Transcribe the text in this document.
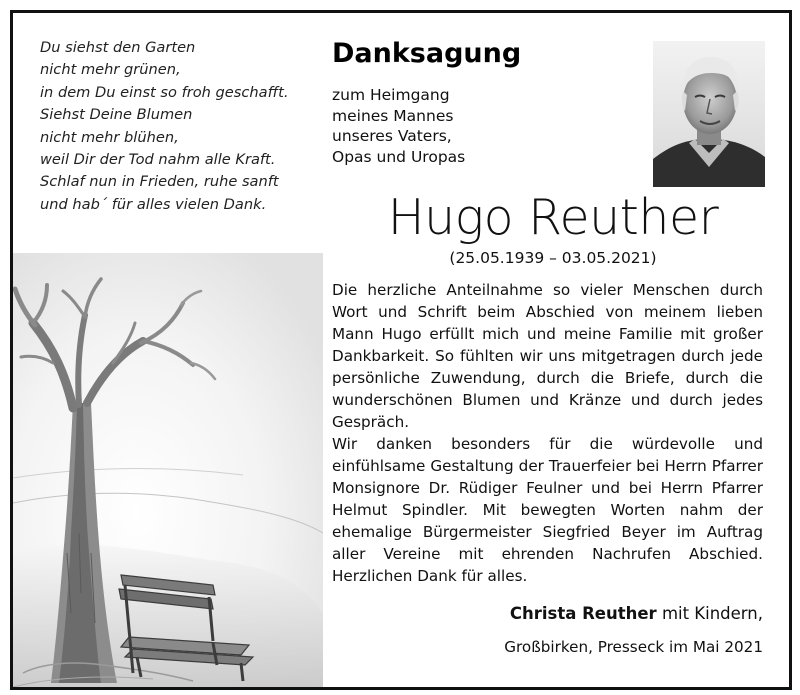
Du siehst den Garten
nicht mehr grünen,
in dem Du einst so froh geschafft.
Siehst Deine Blumen
nicht mehr blühen,
weil Dir der Tod nahm alle Kraft.
Schlaf nun in Frieden, ruhe sanft
und hab´ für alles vielen Dank.
Danksagung
zum Heimgang
meines Mannes
unseres Vaters,
Opas und Uropas
Hugo Reuther
(25.05.1939 – 03.05.2021)

Die herzliche Anteilnahme so vieler Menschen durch Wort und Schrift beim Abschied von meinem lieben Mann Hugo erfüllt mich und meine Familie mit großer Dankbarkeit. So fühlten wir uns mitgetragen durch jede persönliche Zuwendung, durch die Briefe, durch die wunderschönen Blumen und Kränze und durch jedes Gespräch.

Wir danken besonders für die würdevolle und einfühlsame Gestaltung der Trauerfeier bei Herrn Pfarrer Monsignore Dr. Rüdiger Feulner und bei Herrn Pfarrer Helmut Spindler. Mit bewegten Worten nahm der ehemalige Bürgermeister Siegfried Beyer im Auftrag aller Vereine mit ehrenden Nachrufen Abschied. Herzlichen Dank für alles.

Christa Reuther mit Kindern,
Großbirken, Presseck im Mai 2021
